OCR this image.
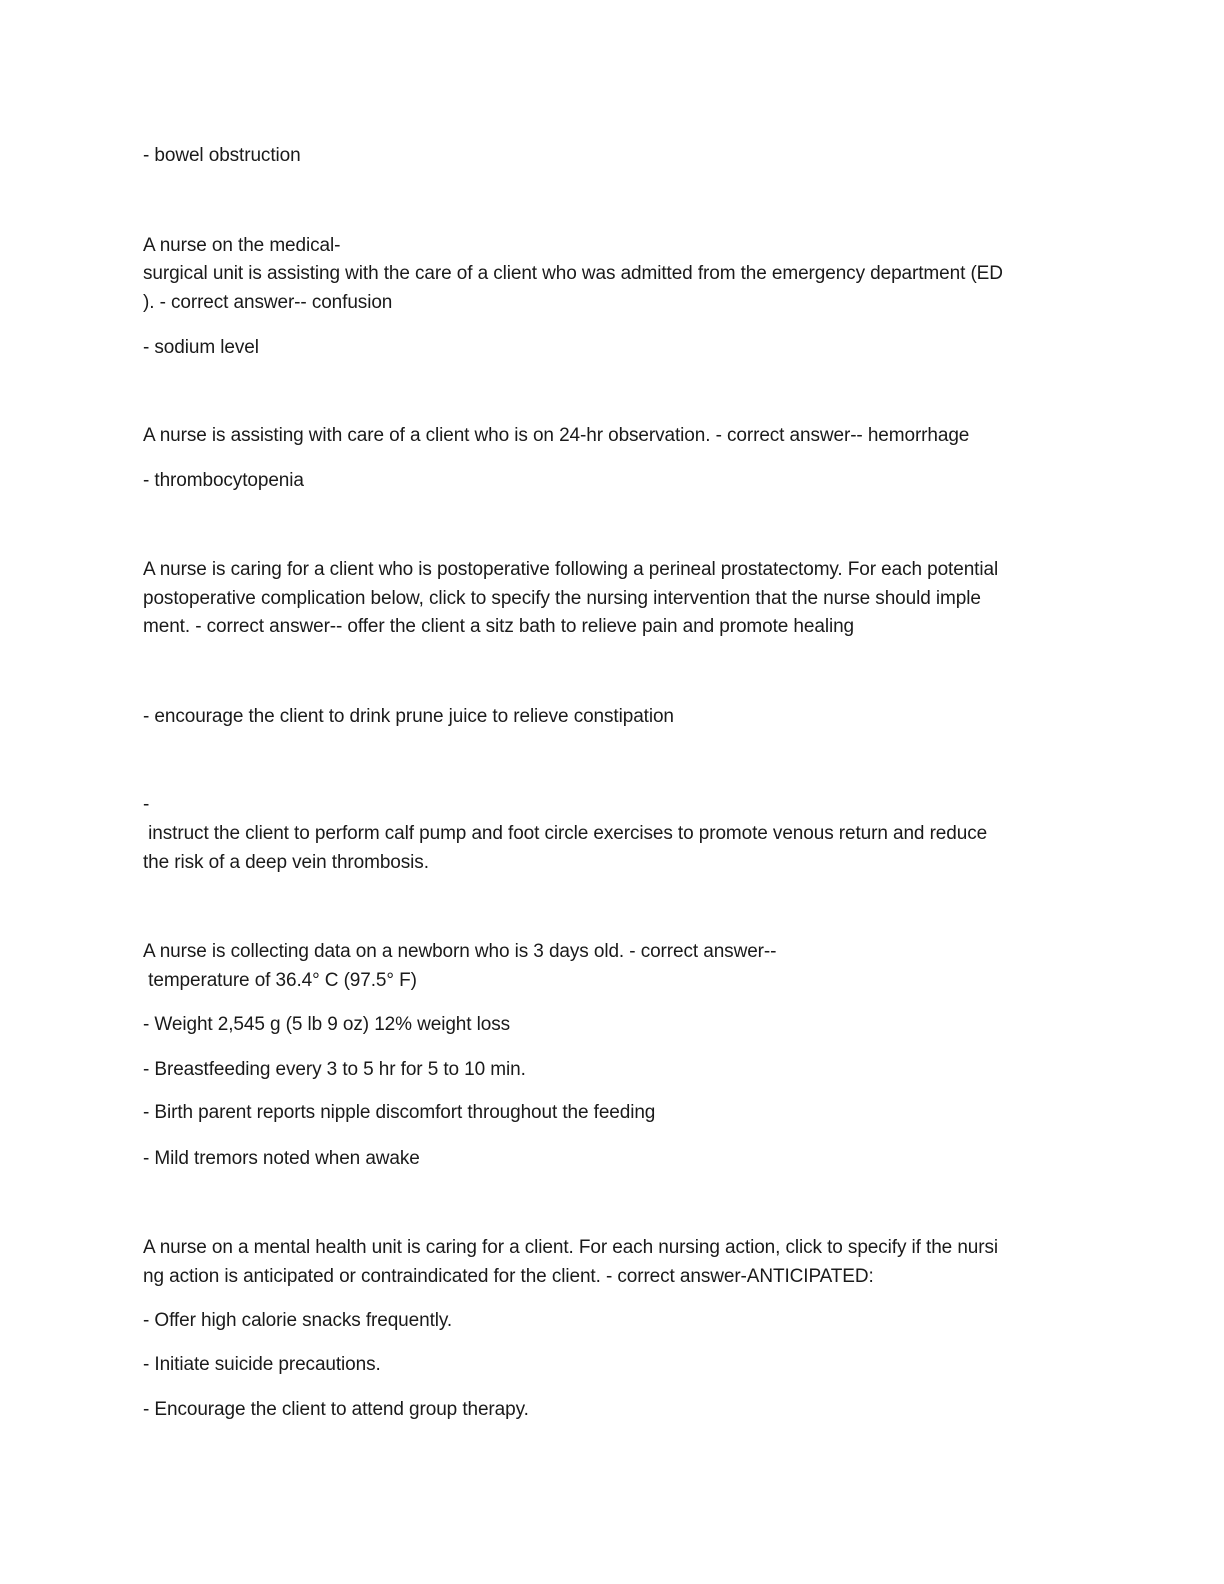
- bowel obstruction
A nurse on the medical-
surgical unit is assisting with the care of a client who was admitted from the emergency department (ED
). - correct answer-- confusion
- sodium level
A nurse is assisting with care of a client who is on 24-hr observation. - correct answer-- hemorrhage
- thrombocytopenia
A nurse is caring for a client who is postoperative following a perineal prostatectomy. For each potential
postoperative complication below, click to specify the nursing intervention that the nurse should imple
ment. - correct answer-- offer the client a sitz bath to relieve pain and promote healing
- encourage the client to drink prune juice to relieve constipation
-
instruct the client to perform calf pump and foot circle exercises to promote venous return and reduce
the risk of a deep vein thrombosis.
A nurse is collecting data on a newborn who is 3 days old. - correct answer--
temperature of 36.4° C (97.5° F)
- Weight 2,545 g (5 lb 9 oz) 12% weight loss
- Breastfeeding every 3 to 5 hr for 5 to 10 min.
- Birth parent reports nipple discomfort throughout the feeding
- Mild tremors noted when awake
A nurse on a mental health unit is caring for a client. For each nursing action, click to specify if the nursi
ng action is anticipated or contraindicated for the client. - correct answer-ANTICIPATED:
- Offer high calorie snacks frequently.
- Initiate suicide precautions.
- Encourage the client to attend group therapy.
